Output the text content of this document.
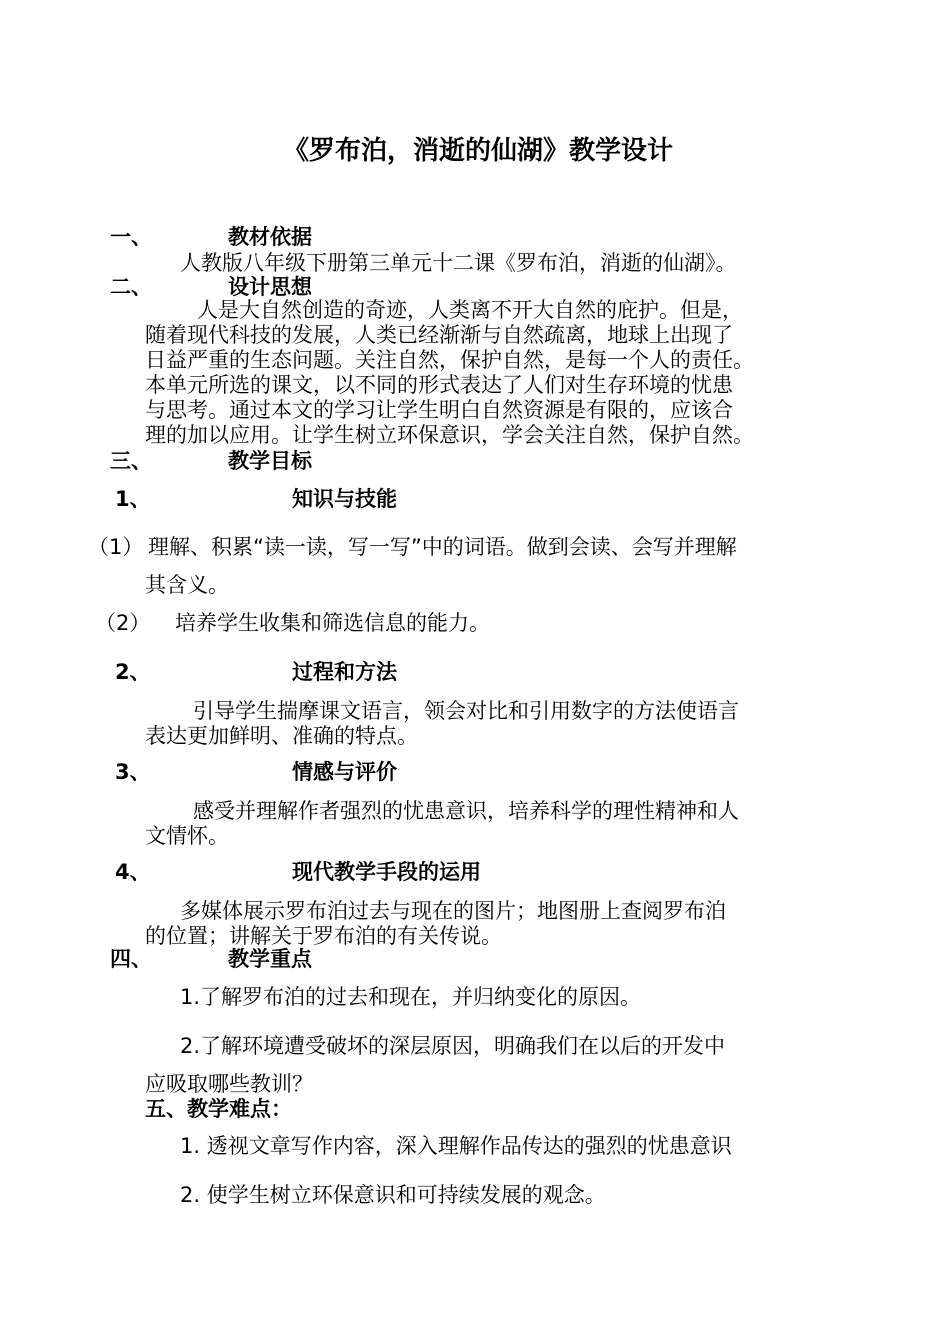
《罗布泊，消逝的仙湖》教学设计
一、	教材依据
人教版八年级下册第三单元十二课《罗布泊，消逝的仙湖》。
二、	设计思想
人是大自然创造的奇迹，人类离不开大自然的庇护。但是，
随着现代科技的发展，人类已经渐渐与自然疏离，地球上出现了
日益严重的生态问题。关注自然，保护自然，是每一个人的责任。
本单元所选的课文，以不同的形式表达了人们对生存环境的忧患
与思考。通过本文的学习让学生明白自然资源是有限的，应该合
理的加以应用。让学生树立环保意识，学会关注自然，保护自然。
三、	教学目标
1、	知识与技能
（1） 理解、积累“读一读，写一写”中的词语。做到会读、会写并理解
其含义。
（2） 培养学生收集和筛选信息的能力。
2、	过程和方法
引导学生揣摩课文语言，领会对比和引用数字的方法使语言
表达更加鲜明、准确的特点。
3、	情感与评价
感受并理解作者强烈的忧患意识，培养科学的理性精神和人
文情怀。
4、	现代教学手段的运用
多媒体展示罗布泊过去与现在的图片；地图册上查阅罗布泊
的位置；讲解关于罗布泊的有关传说。
四、	教学重点
1.了解罗布泊的过去和现在，并归纳变化的原因。
2.了解环境遭受破坏的深层原因，明确我们在以后的开发中
应吸取哪些教训？
五、教学难点：
1. 透视文章写作内容，深入理解作品传达的强烈的忧患意识
2. 使学生树立环保意识和可持续发展的观念。
